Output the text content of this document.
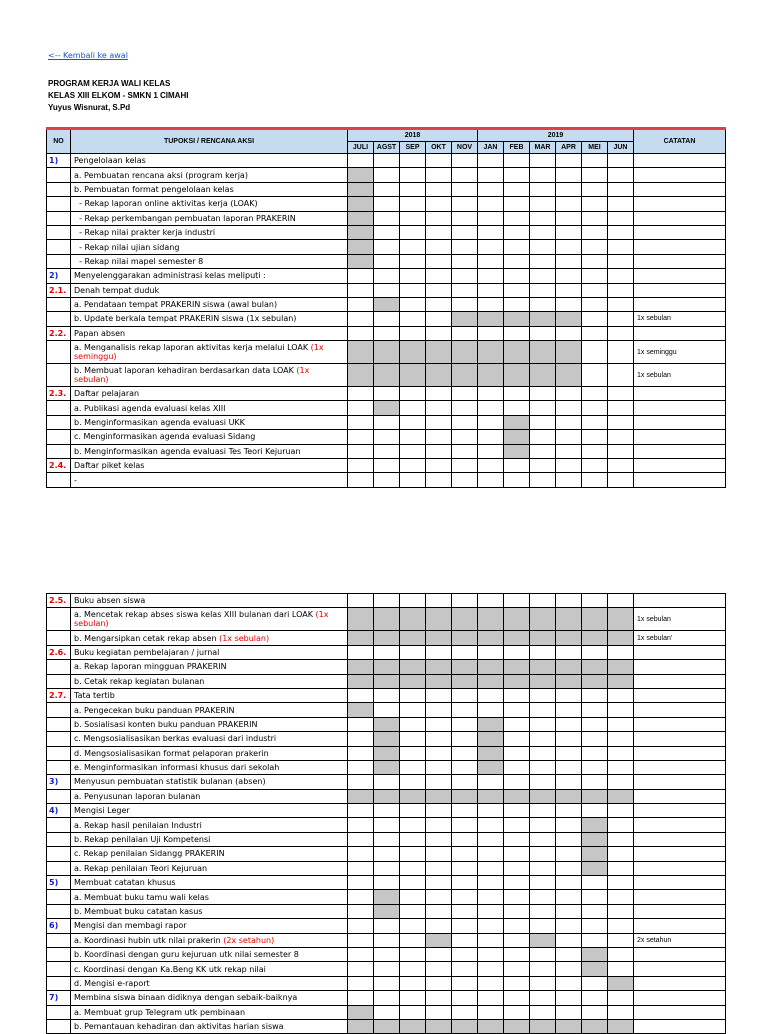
<-- Kembali ke awal
PROGRAM KERJA WALI KELAS
KELAS XIII ELKOM - SMKN 1 CIMAHI
Yuyus Wisnurat, S.Pd
NO	TUPOKSI / RENCANA AKSI	2018					2019						CATATAN
		JULI	AGST	SEP	OKT	NOV	JAN	FEB	MAR	APR	MEI	JUN	
1)	Pengelolaan kelas												
	a. Pembuatan rencana aksi (program kerja)												
	b. Pembuatan format pengelolaan kelas												
	- Rekap laporan online aktivitas kerja (LOAK)												
	- Rekap perkembangan pembuatan laporan PRAKERIN												
	- Rekap nilai prakter kerja industri												
	- Rekap nilai ujian sidang												
	- Rekap nilai mapel semester 8												
2)	Menyelenggarakan administrasi kelas meliputi :												
2.1.	Denah tempat duduk												
	a. Pendataan tempat PRAKERIN siswa (awal bulan)												
	b. Update berkala tempat PRAKERIN siswa (1x sebulan)												1x sebulan
2.2.	Papan absen												
	a. Menganalisis rekap laporan aktivitas kerja melalui LOAK (1x seminggu)												1x seminggu
	b. Membuat laporan kehadiran berdasarkan data LOAK (1x sebulan)												1x sebulan
2.3.	Daftar pelajaran												
	a. Publikasi agenda evaluasi kelas XIII												
	b. Menginformasikan agenda evaluasi UKK												
	c. Menginformasikan agenda evaluasi Sidang												
	b. Menginformasikan agenda evaluasi Tes Teori Kejuruan												
2.4.	Daftar piket kelas												
	-												
2.5.	Buku absen siswa												
	a. Mencetak rekap abses siswa kelas XIII bulanan dari LOAK (1x sebulan)												1x sebulan
	b. Mengarsipkan cetak rekap absen (1x sebulan)												1x sebulan'
2.6.	Buku kegiatan pembelajaran / jurnal												
	a. Rekap laporan mingguan PRAKERIN												
	b. Cetak rekap kegiatan bulanan												
2.7.	Tata tertib												
	a. Pengecekan buku panduan PRAKERIN												
	b. Sosialisasi konten buku panduan PRAKERIN												
	c. Mengsosialisasikan berkas evaluasi dari industri												
	d. Mengsosialisasikan format pelaporan prakerin												
	e. Menginformasikan informasi khusus dari sekolah												
3)	Menyusun pembuatan statistik bulanan (absen)												
	a. Penyusunan laporan bulanan												
4)	Mengisi Leger												
	a. Rekap hasil penilaian Industri												
	b. Rekap penilaian Uji Kompetensi												
	c. Rekap penilaian Sidangg PRAKERIN												
	a. Rekap penilaian Teori Kejuruan												
5)	Membuat catatan khusus												
	a. Membuat buku tamu wali kelas												
	b. Membuat buku catatan kasus												
6)	Mengisi dan membagi rapor												
	a. Koordinasi hubin utk nilai prakerin (2x setahun)												2x setahun
	b. Koordinasi dengan guru kejuruan utk nilai semester 8												
	c. Koordinasi dengan Ka.Beng KK utk rekap nilai												
	d. Mengisi e-raport												
7)	Membina siswa binaan didiknya dengan sebaik-baiknya												
	a. Membuat grup Telegram utk pembinaan												
	b. Pemantauan kehadiran dan aktivitas harian siswa												
